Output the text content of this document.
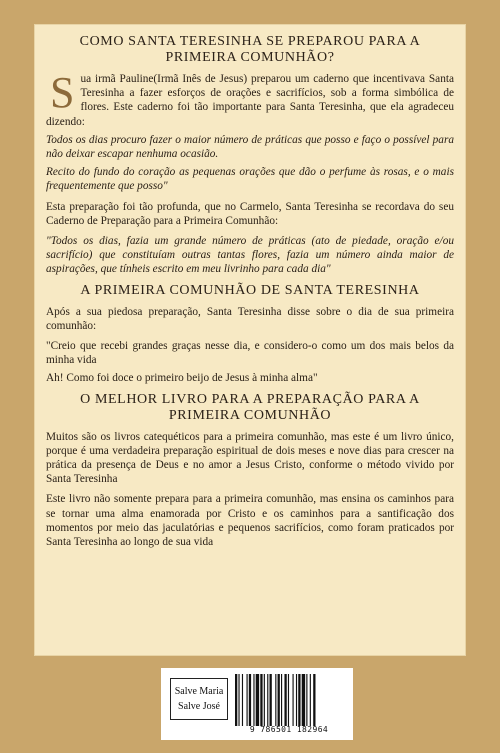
COMO SANTA TERESINHA SE PREPAROU PARA A PRIMEIRA COMUNHÃO?
S ua irmã Pauline(Irmã Inês de Jesus) preparou um caderno que incentivava Santa Teresinha a fazer esforços de orações e sacrifícios, sob a forma simbólica de flores. Este caderno foi tão importante para Santa Teresinha, que ela agradeceu dizendo:

Todos os dias procuro fazer o maior número de práticas que posso e faço o possível para não deixar escapar nenhuma ocasião.

Recito do fundo do coração as pequenas orações que dão o perfume às rosas, e o mais frequentemente que posso"

Esta preparação foi tão profunda, que no Carmelo, Santa Teresinha se recordava do seu Caderno de Preparação para a Primeira Comunhão:

"Todos os dias, fazia um grande número de práticas (ato de piedade, oração e/ou sacrifício) que constituíam outras tantas flores, fazia um número ainda maior de aspirações, que tínheis escrito em meu livrinho para cada dia"

A PRIMEIRA COMUNHÃO DE SANTA TERESINHA

Após a sua piedosa preparação, Santa Teresinha disse sobre o dia de sua primeira comunhão:

"Creio que recebi grandes graças nesse dia, e considero-o como um dos mais belos da minha vida

Ah! Como foi doce o primeiro beijo de Jesus à minha alma"

O MELHOR LIVRO PARA A PREPARAÇÃO PARA A PRIMEIRA COMUNHÃO

Muitos são os livros catequéticos para a primeira comunhão, mas este é um livro único, porque é uma verdadeira preparação espiritual de dois meses e nove dias para crescer na prática da presença de Deus e no amor a Jesus Cristo, conforme o método vivido por Santa Teresinha

Este livro não somente prepara para a primeira comunhão, mas ensina os caminhos para se tornar uma alma enamorada por Cristo e os caminhos para a santificação dos momentos por meio das jaculatórias e pequenos sacrifícios, como foram praticados por Santa Teresinha ao longo de sua vida

Salve Maria
Salve José
9 786501 182964
